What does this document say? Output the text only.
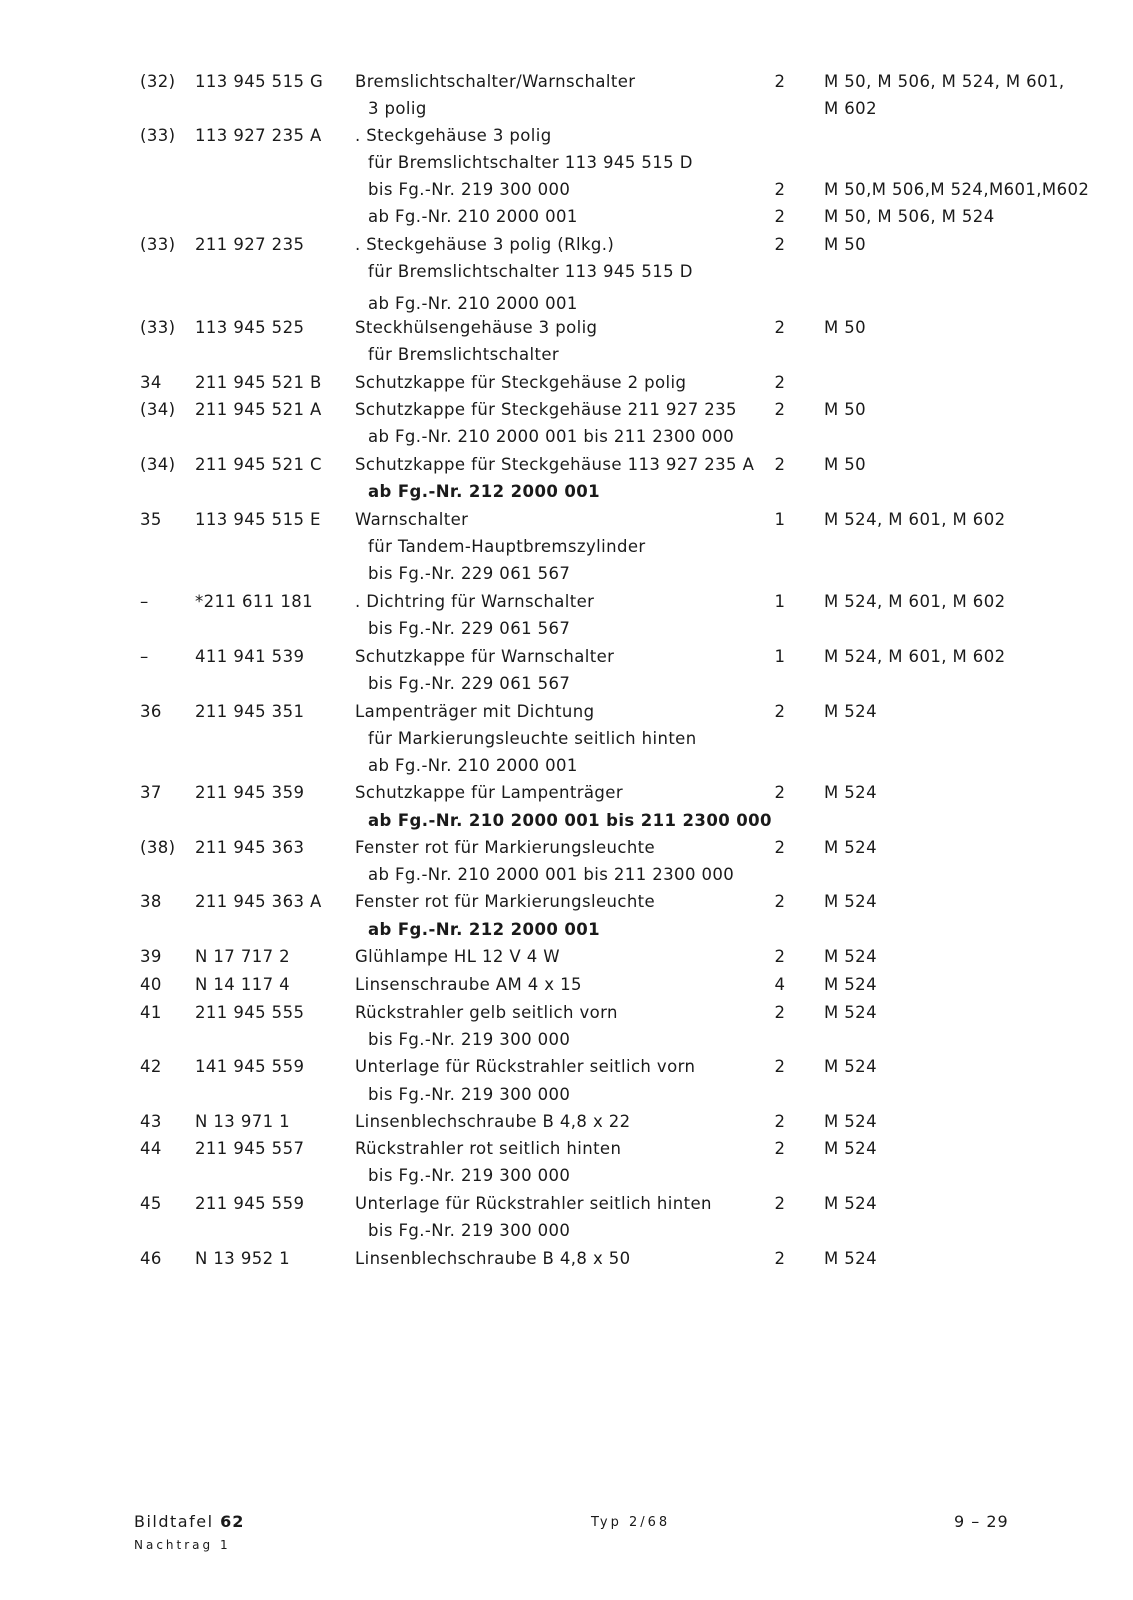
(32)	113 945 515 G	Bremslichtschalter/Warnschalter	2	M 50, M 506, M 524, M 601,
3 polig	M 602
(33)	113 927 235 A	. Steckgehäuse 3 polig
für Bremslichtschalter 113 945 515 D
bis Fg.-Nr. 219 300 000	2	M 50,M 506,M 524,M601,M602
ab Fg.-Nr. 210 2000 001	2	M 50, M 506, M 524
(33)	211 927 235	. Steckgehäuse 3 polig (Rlkg.)	2	M 50
für Bremslichtschalter 113 945 515 D
ab Fg.-Nr. 210 2000 001
(33)	113 945 525	Steckhülsengehäuse 3 polig	2	M 50
für Bremslichtschalter
34	211 945 521 B	Schutzkappe für Steckgehäuse 2 polig	2
(34)	211 945 521 A	Schutzkappe für Steckgehäuse 211 927 235	2	M 50
ab Fg.-Nr. 210 2000 001 bis 211 2300 000
(34)	211 945 521 C	Schutzkappe für Steckgehäuse 113 927 235 A	2	M 50
ab Fg.-Nr. 212 2000 001
35	113 945 515 E	Warnschalter	1	M 524, M 601, M 602
für Tandem-Hauptbremszylinder
bis Fg.-Nr. 229 061 567
–	*211 611 181	. Dichtring für Warnschalter	1	M 524, M 601, M 602
bis Fg.-Nr. 229 061 567
–	411 941 539	Schutzkappe für Warnschalter	1	M 524, M 601, M 602
bis Fg.-Nr. 229 061 567
36	211 945 351	Lampenträger mit Dichtung	2	M 524
für Markierungsleuchte seitlich hinten
ab Fg.-Nr. 210 2000 001
37	211 945 359	Schutzkappe für Lampenträger	2	M 524
ab Fg.-Nr. 210 2000 001 bis 211 2300 000
(38)	211 945 363	Fenster rot für Markierungsleuchte	2	M 524
ab Fg.-Nr. 210 2000 001 bis 211 2300 000
38	211 945 363 A	Fenster rot für Markierungsleuchte	2	M 524
ab Fg.-Nr. 212 2000 001
39	N 17 717 2	Glühlampe HL 12 V 4 W	2	M 524
40	N 14 117 4	Linsenschraube AM 4 x 15	4	M 524
41	211 945 555	Rückstrahler gelb seitlich vorn	2	M 524
bis Fg.-Nr. 219 300 000
42	141 945 559	Unterlage für Rückstrahler seitlich vorn	2	M 524
bis Fg.-Nr. 219 300 000
43	N 13 971 1	Linsenblechschraube B 4,8 x 22	2	M 524
44	211 945 557	Rückstrahler rot seitlich hinten	2	M 524
bis Fg.-Nr. 219 300 000
45	211 945 559	Unterlage für Rückstrahler seitlich hinten	2	M 524
bis Fg.-Nr. 219 300 000
46	N 13 952 1	Linsenblechschraube B 4,8 x 50	2	M 524
Bildtafel 62
Nachtrag 1
Typ 2/68	9 – 29
